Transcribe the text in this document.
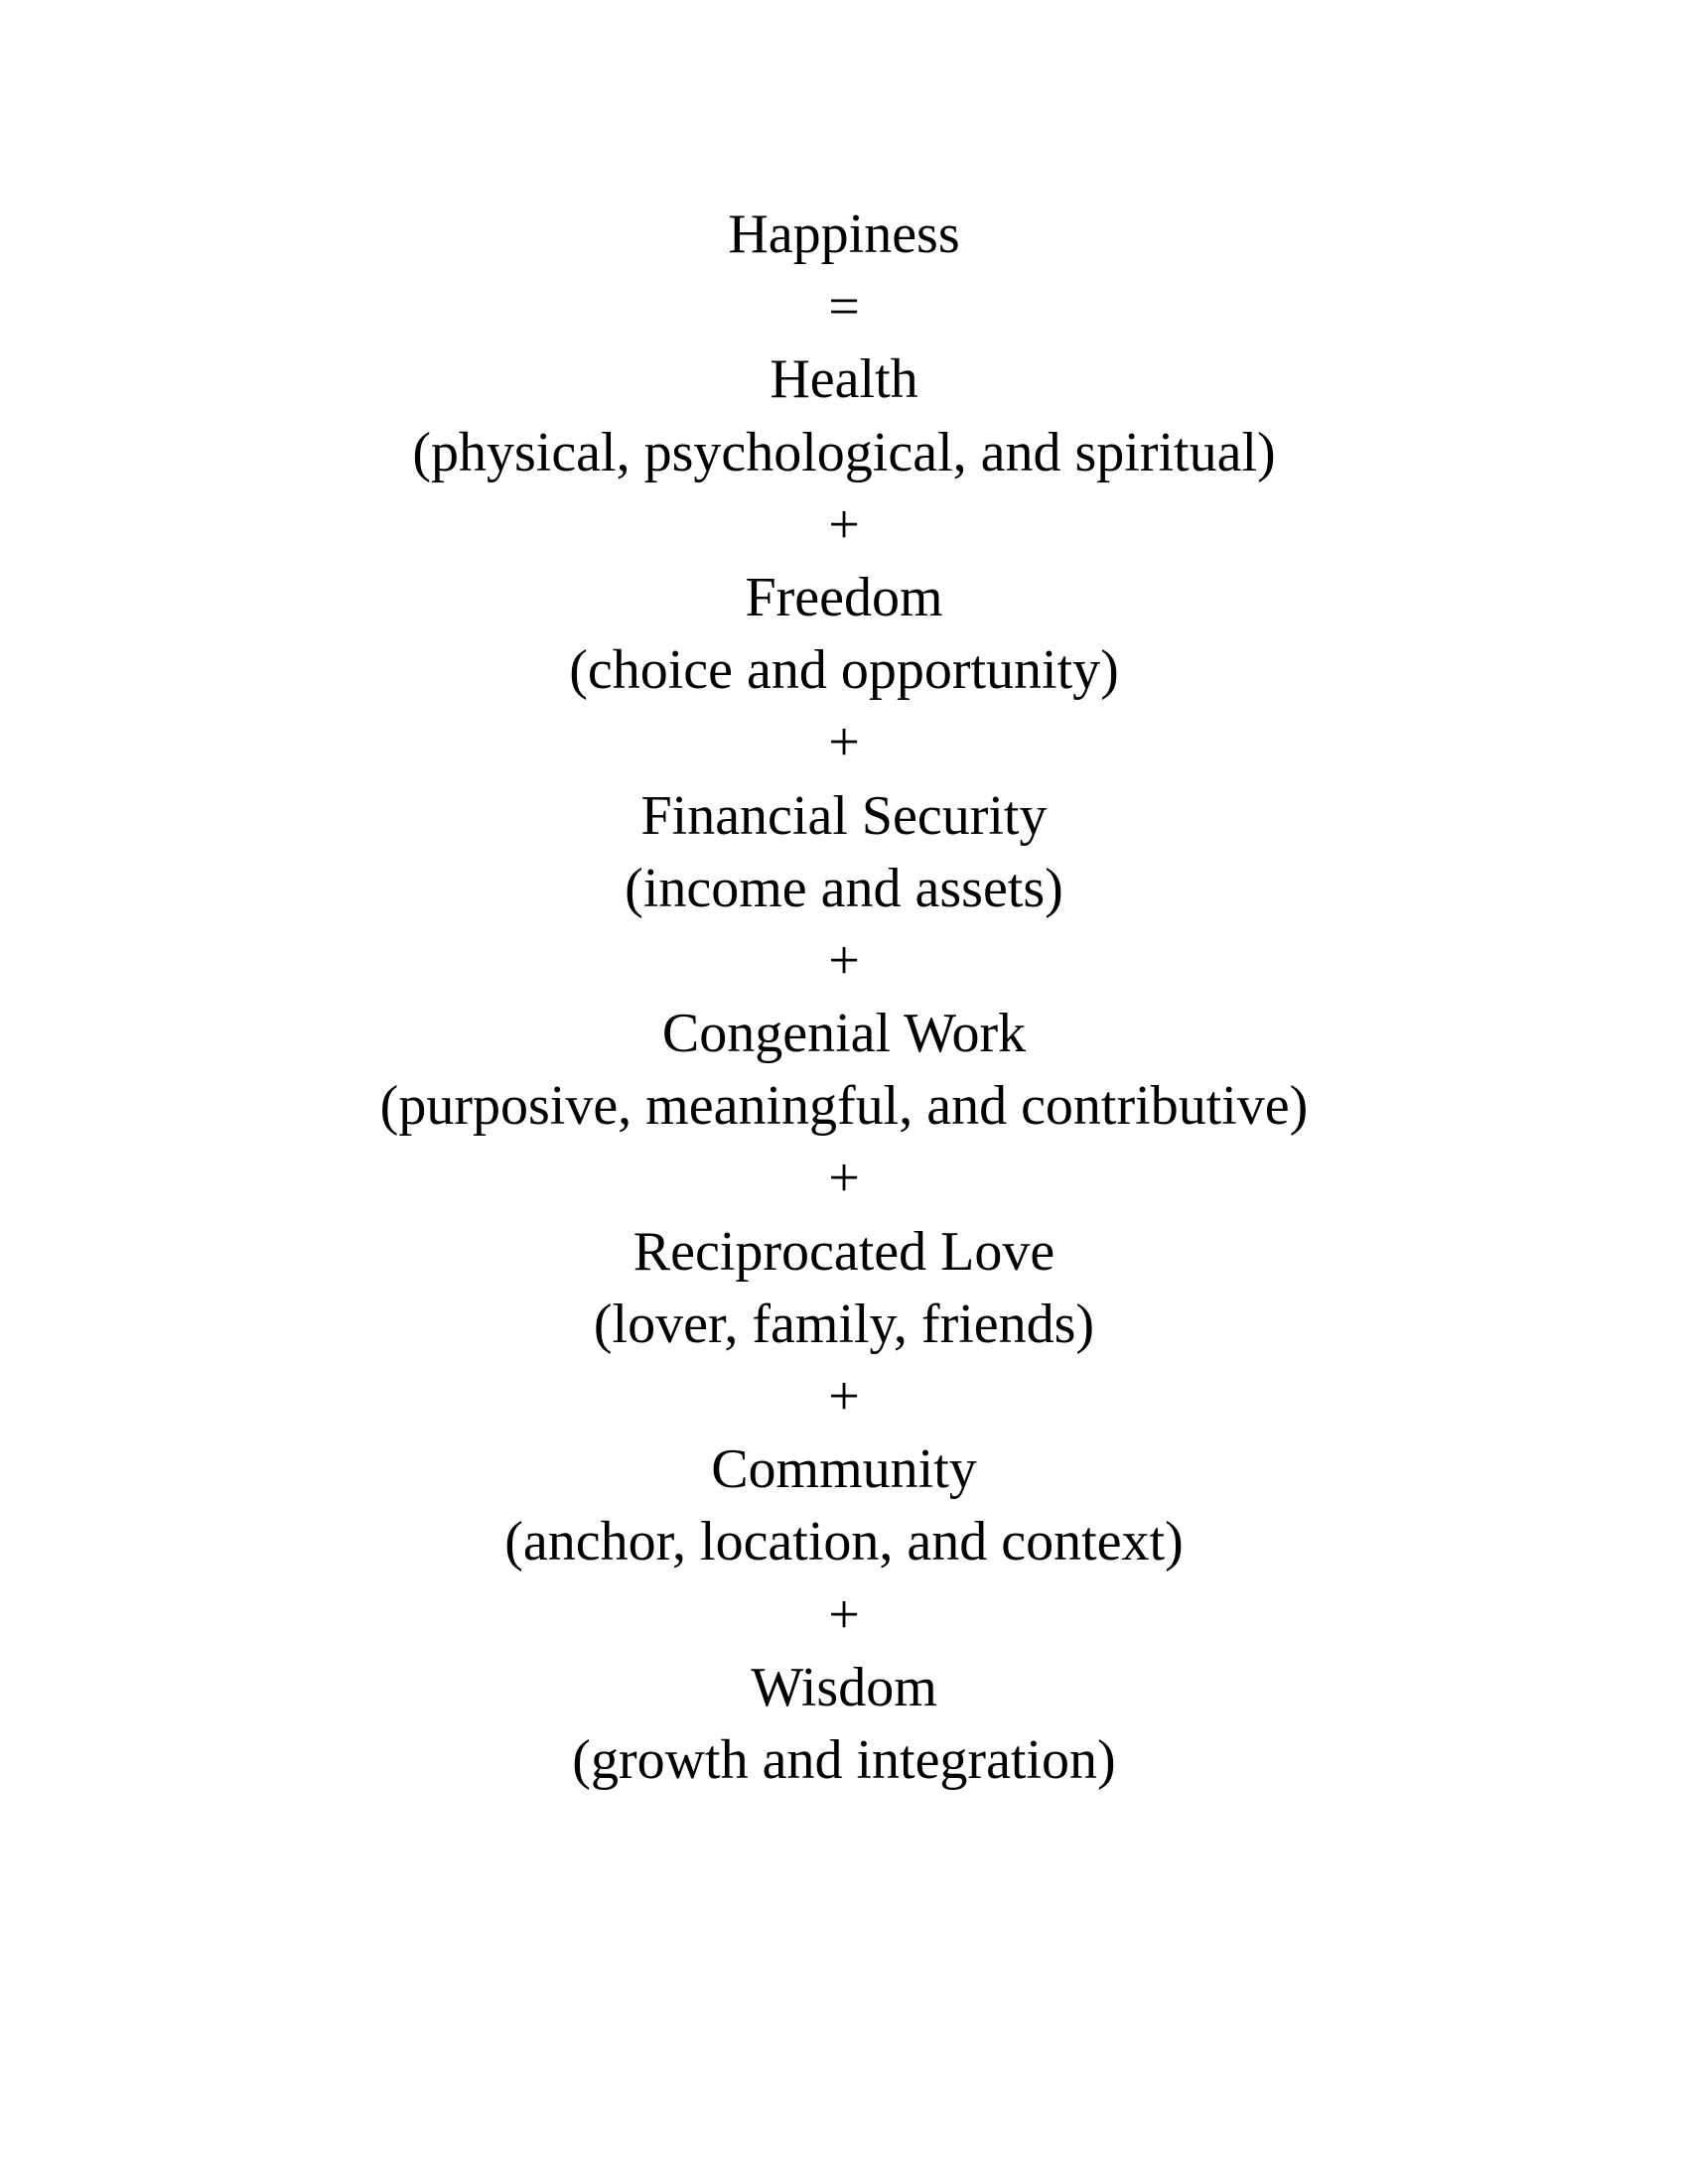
Happiness
=
Health
(physical, psychological, and spiritual)
+
Freedom
(choice and opportunity)
+
Financial Security
(income and assets)
+
Congenial Work
(purposive, meaningful, and contributive)
+
Reciprocated Love
(lover, family, friends)
+
Community
(anchor, location, and context)
+
Wisdom
(growth and integration)
